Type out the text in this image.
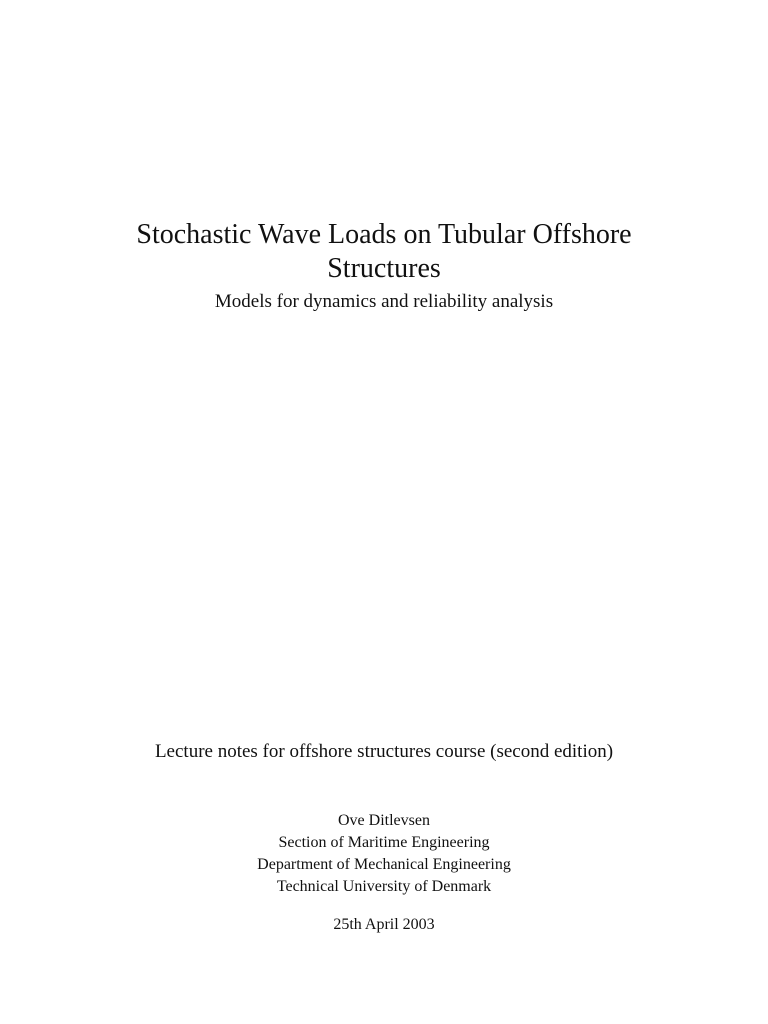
Stochastic Wave Loads on Tubular Offshore
Structures
Models for dynamics and reliability analysis
Lecture notes for offshore structures course (second edition)
Ove Ditlevsen
Section of Maritime Engineering
Department of Mechanical Engineering
Technical University of Denmark
25th April 2003
